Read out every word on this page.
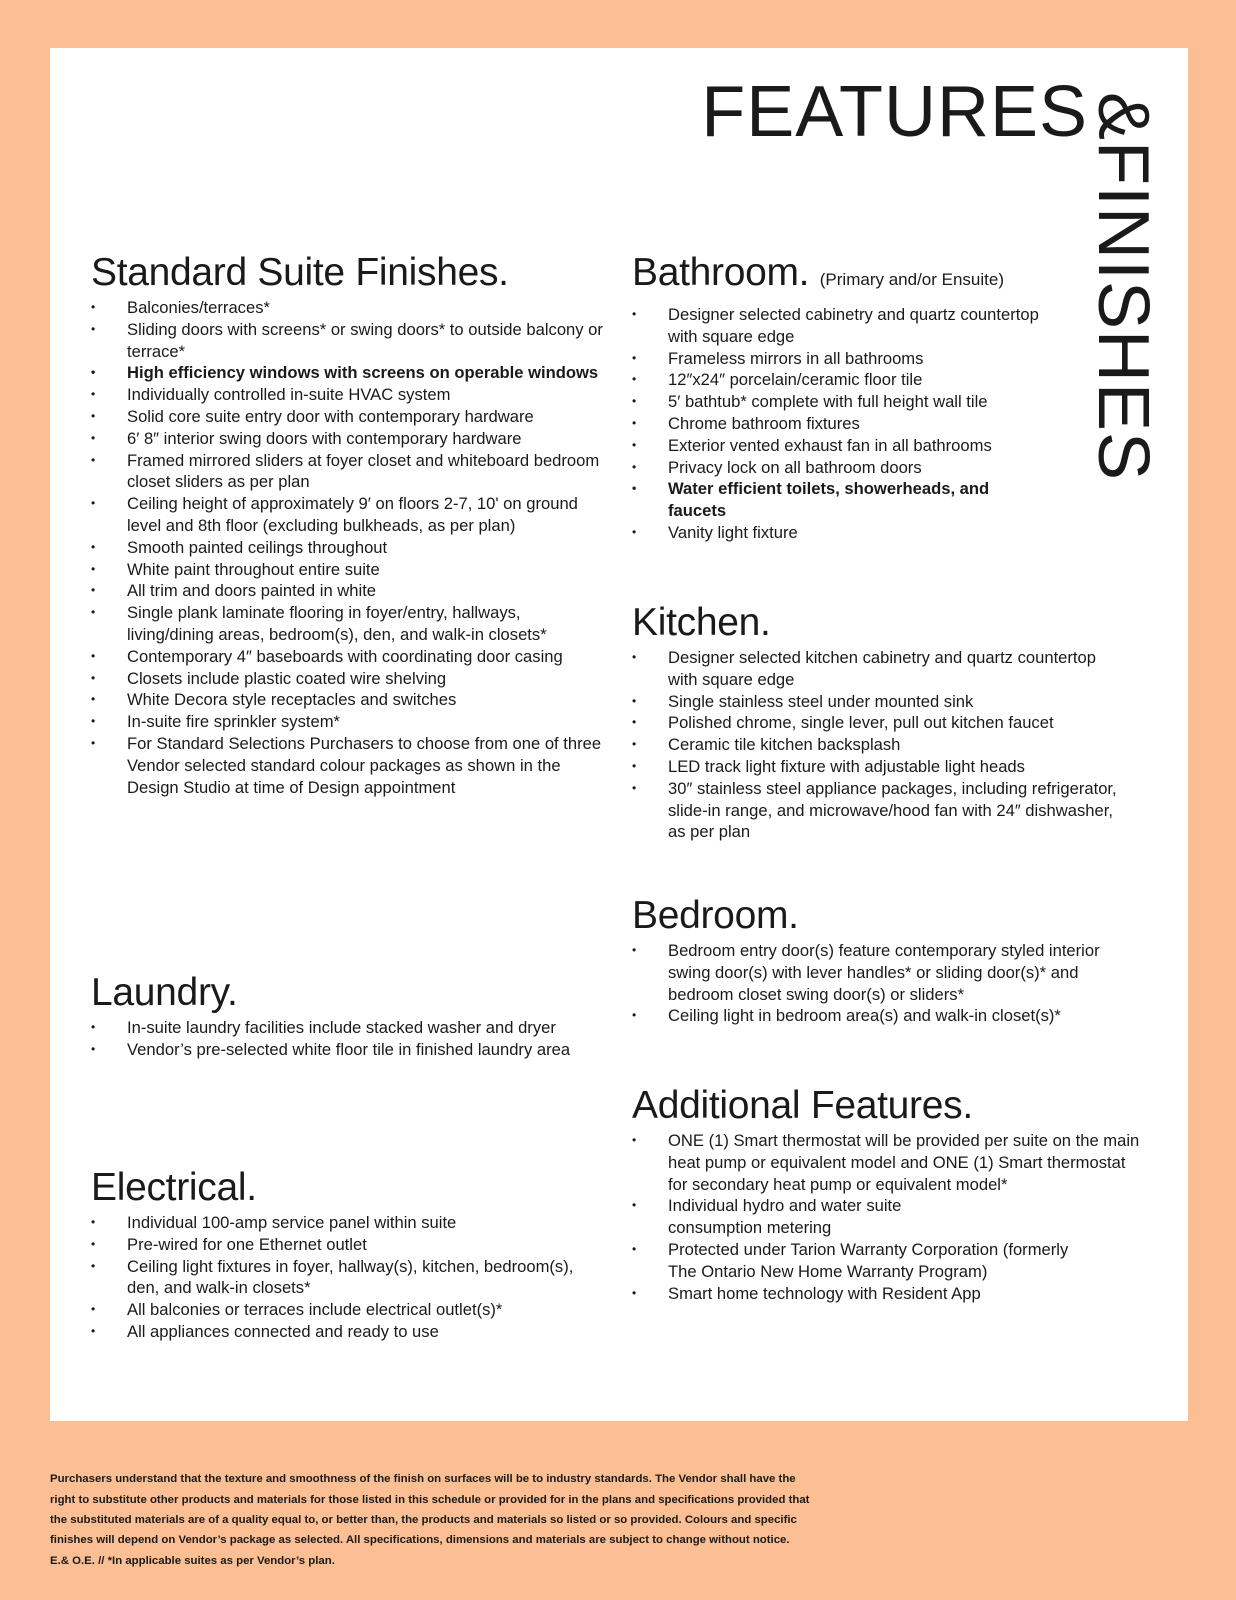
FEATURES
&FINISHES
Standard Suite Finishes.
• Balconies/terraces*
• Sliding doors with screens* or swing doors* to outside balcony or terrace*
• High efficiency windows with screens on operable windows
• Individually controlled in-suite HVAC system
• Solid core suite entry door with contemporary hardware
• 6′ 8″ interior swing doors with contemporary hardware
• Framed mirrored sliders at foyer closet and whiteboard bedroom closet sliders as per plan
• Ceiling height of approximately 9′ on floors 2-7, 10' on ground level and 8th floor (excluding bulkheads, as per plan)
• Smooth painted ceilings throughout
• White paint throughout entire suite
• All trim and doors painted in white
• Single plank laminate flooring in foyer/entry, hallways, living/dining areas, bedroom(s), den, and walk-in closets*
• Contemporary 4″ baseboards with coordinating door casing
• Closets include plastic coated wire shelving
• White Decora style receptacles and switches
• In-suite fire sprinkler system*
• For Standard Selections Purchasers to choose from one of three Vendor selected standard colour packages as shown in the Design Studio at time of Design appointment
Laundry.
• In-suite laundry facilities include stacked washer and dryer
• Vendor’s pre-selected white floor tile in finished laundry area
Electrical.
• Individual 100-amp service panel within suite
• Pre-wired for one Ethernet outlet
• Ceiling light fixtures in foyer, hallway(s), kitchen, bedroom(s), den, and walk-in closets*
• All balconies or terraces include electrical outlet(s)*
• All appliances connected and ready to use
Bathroom. (Primary and/or Ensuite)
• Designer selected cabinetry and quartz countertop with square edge
• Frameless mirrors in all bathrooms
• 12″x24″ porcelain/ceramic floor tile
• 5′ bathtub* complete with full height wall tile
• Chrome bathroom fixtures
• Exterior vented exhaust fan in all bathrooms
• Privacy lock on all bathroom doors
• Water efficient toilets, showerheads, and faucets
• Vanity light fixture
Kitchen.
• Designer selected kitchen cabinetry and quartz countertop with square edge
• Single stainless steel under mounted sink
• Polished chrome, single lever, pull out kitchen faucet
• Ceramic tile kitchen backsplash
• LED track light fixture with adjustable light heads
• 30″ stainless steel appliance packages, including refrigerator, slide-in range, and microwave/hood fan with 24″ dishwasher, as per plan
Bedroom.
• Bedroom entry door(s) feature contemporary styled interior swing door(s) with lever handles* or sliding door(s)* and bedroom closet swing door(s) or sliders*
• Ceiling light in bedroom area(s) and walk-in closet(s)*
Additional Features.
• ONE (1) Smart thermostat will be provided per suite on the main heat pump or equivalent model and ONE (1) Smart thermostat for secondary heat pump or equivalent model*
• Individual hydro and water suite consumption metering
• Protected under Tarion Warranty Corporation (formerly The Ontario New Home Warranty Program)
• Smart home technology with Resident App

Purchasers understand that the texture and smoothness of the finish on surfaces will be to industry standards. The Vendor shall have the right to substitute other products and materials for those listed in this schedule or provided for in the plans and specifications provided that the substituted materials are of a quality equal to, or better than, the products and materials so listed or so provided. Colours and specific finishes will depend on Vendor’s package as selected. All specifications, dimensions and materials are subject to change without notice. E.& O.E. // *In applicable suites as per Vendor’s plan.
